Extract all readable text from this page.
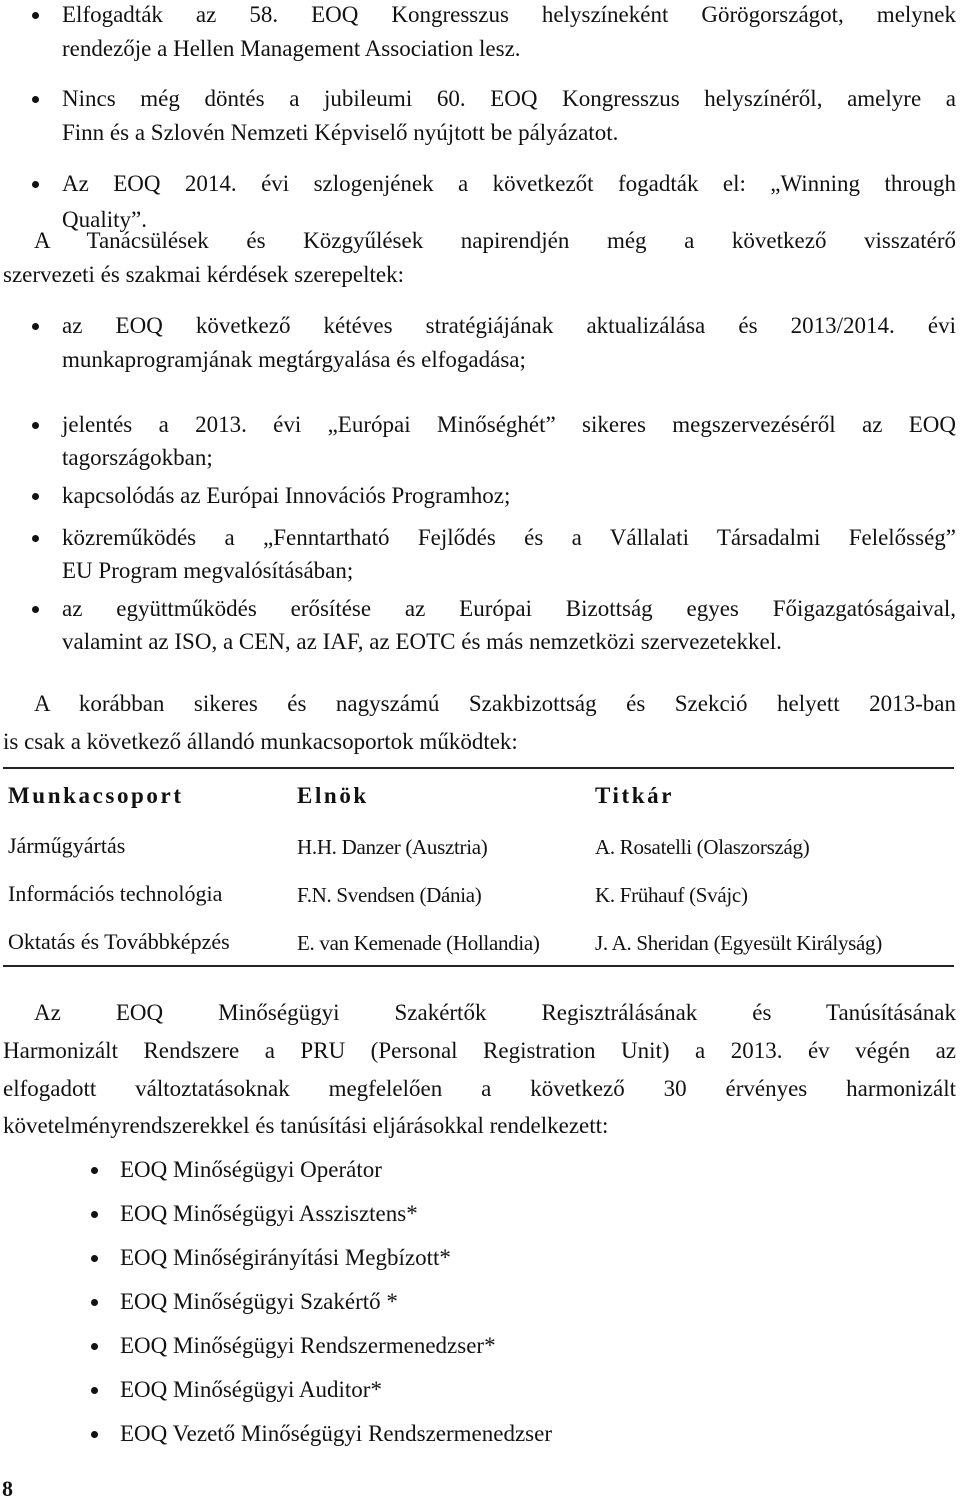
Elfogadták az 58. EOQ Kongresszus helyszíneként Görögországot, melynek
rendezője a Hellen Management Association lesz.
Nincs még döntés a jubileumi 60. EOQ Kongresszus helyszínéről, amelyre a
Finn és a Szlovén Nemzeti Képviselő nyújtott be pályázatot.
Az EOQ 2014. évi szlogenjének a következőt fogadták el: „Winning through
Quality”.
A Tanácsülések és Közgyűlések napirendjén még a következő visszatérő
szervezeti és szakmai kérdések szerepeltek:
az EOQ következő kétéves stratégiájának aktualizálása és 2013/2014. évi
munkaprogramjának megtárgyalása és elfogadása;
jelentés a 2013. évi „Európai Minőséghét” sikeres megszervezéséről az EOQ
tagországokban;
kapcsolódás az Európai Innovációs Programhoz;
közreműködés a „Fenntartható Fejlődés és a Vállalati Társadalmi Felelősség”
EU Program megvalósításában;
az együttműködés erősítése az Európai Bizottság egyes Főigazgatóságaival,
valamint az ISO, a CEN, az IAF, az EOTC és más nemzetközi szervezetekkel.
A korábban sikeres és nagyszámú Szakbizottság és Szekció helyett 2013-ban
is csak a következő állandó munkacsoportok működtek:
Munkacsoport	Elnök	Titkár
Járműgyártás	H.H. Danzer (Ausztria)	A. Rosatelli (Olaszország)
Információs technológia	F.N. Svendsen (Dánia)	K. Frühauf (Svájc)
Oktatás és Továbbképzés	E. van Kemenade (Hollandia)	J. A. Sheridan (Egyesült Királyság)
Az EOQ Minőségügyi Szakértők Regisztrálásának és Tanúsításának
Harmonizált Rendszere a PRU (Personal Registration Unit) a 2013. év végén az
elfogadott változtatásoknak megfelelően a következő 30 érvényes harmonizált
követelményrendszerekkel és tanúsítási eljárásokkal rendelkezett:
EOQ Minőségügyi Operátor
EOQ Minőségügyi Asszisztens*
EOQ Minőségirányítási Megbízott*
EOQ Minőségügyi Szakértő *
EOQ Minőségügyi Rendszermenedzser*
EOQ Minőségügyi Auditor*
EOQ Vezető Minőségügyi Rendszermenedzser
8
